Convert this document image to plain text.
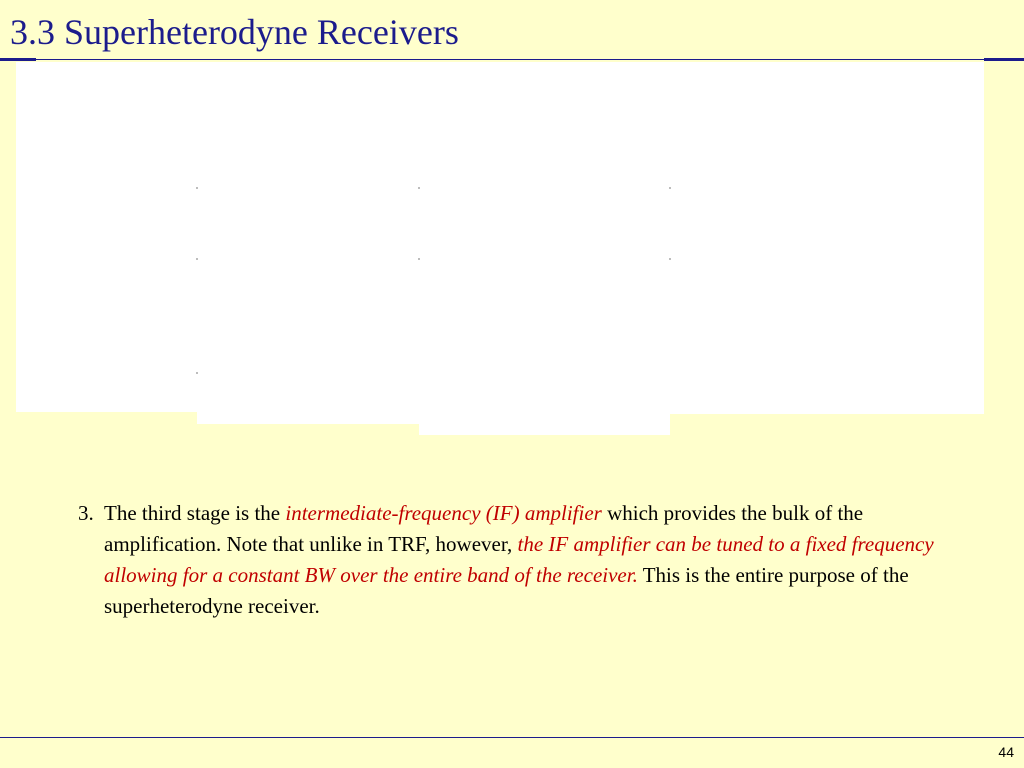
3.3 Superheterodyne Receivers
3. The third stage is the intermediate-frequency (IF) amplifier which provides the bulk of the amplification. Note that unlike in TRF, however, the IF amplifier can be tuned to a fixed frequency allowing for a constant BW over the entire band of the receiver. This is the entire purpose of the superheterodyne receiver.
44
